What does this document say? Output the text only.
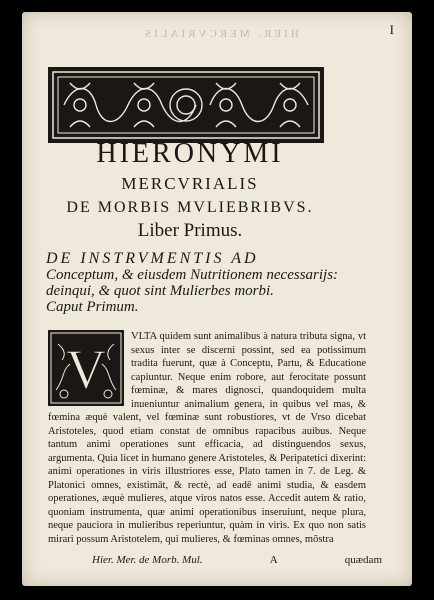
HIER. MERCVRIALIS	I
HIERONYMI
MERCVRIALIS
DE MORBIS MVLIEBRIBVS.
Liber Primus.
DE INSTRVMENTIS AD
Conceptum, & eiusdem Nutritionem necessarijs:
deinqui, & quot sint Mulierbes morbi.
Caput Primum.
V

VLTA quidem sunt animalibus à natura tributa signa, vt sexus inter se discerni possint, sed ea potissimum tradita fuerunt, quæ à Conceptu, Partu, & Educatione capiuntur. Neque enim robore, aut ferocitate possunt fœminæ, & mares dignosci, quandoquidem multa inueniuntur animalium genera, in quibus vel mas, & fœmina æquè valent, vel fœminæ sunt robustiores, vt de Vrso dicebat Aristoteles, quod etiam constat de omnibus rapacibus auibus. Neque tantum animi operationes sunt efficacia, ad distinguendos sexus, argumenta. Quia licet in humano genere Aristoteles, & Peripatetici dixerint: animi operationes in viris illustriores esse, Plato tamen in 7. de Leg. & Platonici omnes, existimāt, & rectè, ad eadē animi studia, & easdem operationes, æquè mulieres, atque viros natos esse. Accedit autem & ratio, quoniam instrumenta, quæ animi operationibus inseruiunt, neque plura, neque pauciora in mulieribus reperiuntur, quàm in viris. Ex quo non satis mirari possum Aristotelem, qui mulieres, & fœminas omnes, mõstra

Hier. Mer. de Morb. Mul.	A	quædam
